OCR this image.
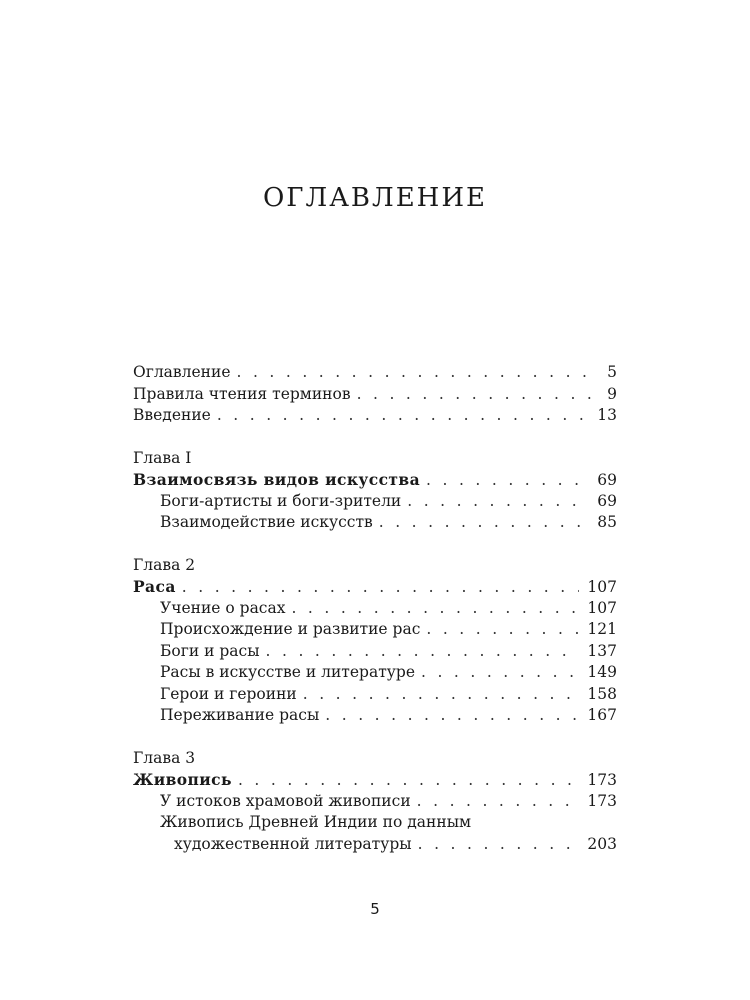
ОГЛАВЛЕНИЕ
Оглавление . . .	5
Правила чтения терминов . . .	9
Введение . . .	13
Глава I
Взаимосвязь видов искусства . . .	69
Боги-артисты и боги-зрители . . .	69
Взаимодействие искусств . . .	85
Глава 2
Раса . . .	107
Учение о расах . . .	107
Происхождение и развитие рас . . .	121
Боги и расы . . .	137
Расы в искусстве и литературе . . .	149
Герои и героини . . .	158
Переживание расы . . .	167
Глава 3
Живопись . . .	173
У истоков храмовой живописи . . .	173
Живопись Древней Индии по данным
художественной литературы . . .	203
5
